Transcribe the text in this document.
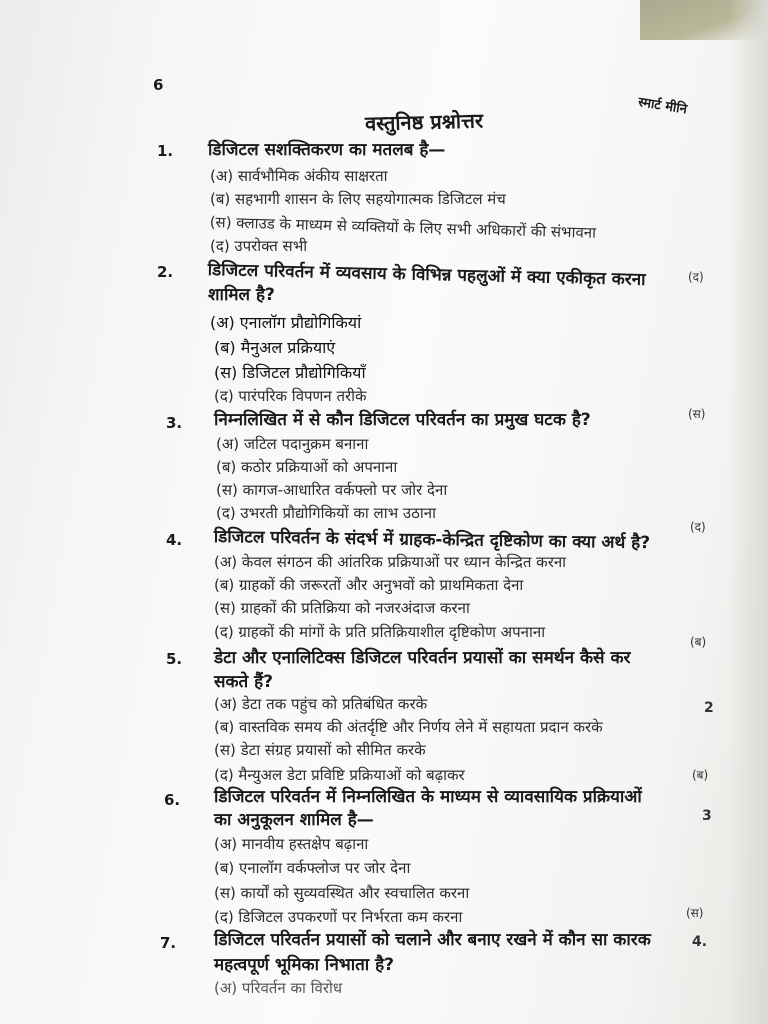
6
स्मार्ट मीनि
वस्तुनिष्ठ प्रश्नोत्तर
1. डिजिटल सशक्तिकरण का मतलब है—
(अ) सार्वभौमिक अंकीय साक्षरता
(ब) सहभागी शासन के लिए सहयोगात्मक डिजिटल मंच
(स) क्लाउड के माध्यम से व्यक्तियों के लिए सभी अधिकारों की संभावना
(द) उपरोक्त सभी
(द)
2. डिजिटल परिवर्तन में व्यवसाय के विभिन्न पहलुओं में क्या एकीकृत करना
शामिल है?
(अ) एनालॉग प्रौद्योगिकियां
(ब) मैनुअल प्रक्रियाएं
(स) डिजिटल प्रौद्योगिकियाँ
(द) पारंपरिक विपणन तरीके
(स)
3. निम्नलिखित में से कौन डिजिटल परिवर्तन का प्रमुख घटक है?
(अ) जटिल पदानुक्रम बनाना
(ब) कठोर प्रक्रियाओं को अपनाना
(स) कागज-आधारित वर्कफ्लो पर जोर देना
(द) उभरती प्रौद्योगिकियों का लाभ उठाना
(द)
4. डिजिटल परिवर्तन के संदर्भ में ग्राहक-केन्द्रित दृष्टिकोण का क्या अर्थ है?
(अ) केवल संगठन की आंतरिक प्रक्रियाओं पर ध्यान केन्द्रित करना
(ब) ग्राहकों की जरूरतों और अनुभवों को प्राथमिकता देना
(स) ग्राहकों की प्रतिक्रिया को नजरअंदाज करना
(द) ग्राहकों की मांगों के प्रति प्रतिक्रियाशील दृष्टिकोण अपनाना
(ब)
5. डेटा और एनालिटिक्स डिजिटल परिवर्तन प्रयासों का समर्थन कैसे कर
सकते हैं?
(अ) डेटा तक पहुंच को प्रतिबंधित करके
(ब) वास्तविक समय की अंतर्दृष्टि और निर्णय लेने में सहायता प्रदान करके
(स) डेटा संग्रह प्रयासों को सीमित करके
(द) मैन्युअल डेटा प्रविष्टि प्रक्रियाओं को बढ़ाकर	(ब)
2
6. डिजिटल परिवर्तन में निम्नलिखित के माध्यम से व्यावसायिक प्रक्रियाओं
का अनुकूलन शामिल है—
(अ) मानवीय हस्तक्षेप बढ़ाना
(ब) एनालॉग वर्कफ्लोज पर जोर देना
(स) कार्यों को सुव्यवस्थित और स्वचालित करना
(द) डिजिटल उपकरणों पर निर्भरता कम करना	(स)
3
7. डिजिटल परिवर्तन प्रयासों को चलाने और बनाए रखने में कौन सा कारक
महत्वपूर्ण भूमिका निभाता है?
(अ) परिवर्तन का विरोध
4.
